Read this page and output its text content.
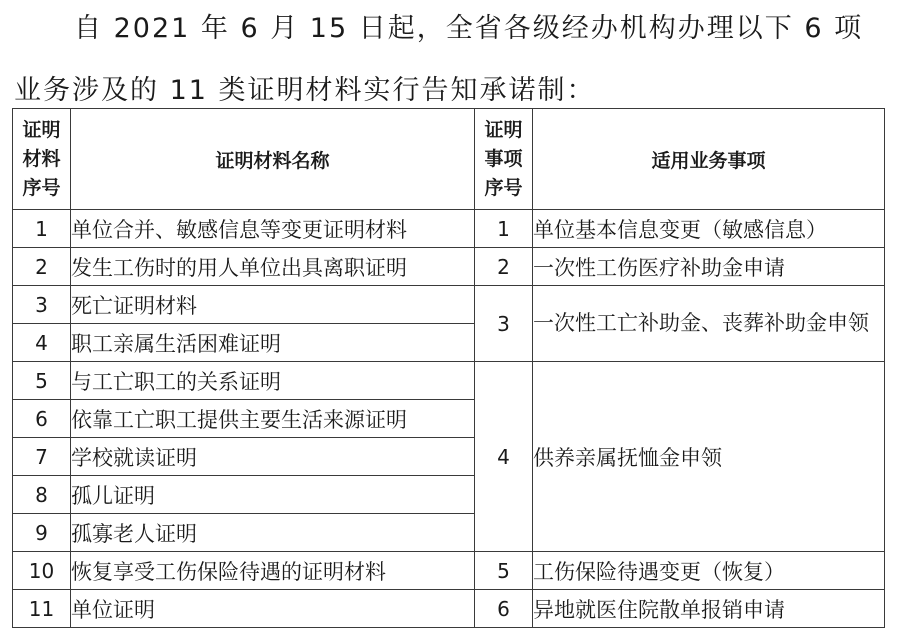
自 2021 年 6 月 15 日起，全省各级经办机构办理以下 6 项
业务涉及的 11 类证明材料实行告知承诺制：
证明
材料
序号	证明材料名称	证明
事项
序号	适用业务事项
1	单位合并、敏感信息等变更证明材料	1	单位基本信息变更（敏感信息）
2	发生工伤时的用人单位出具离职证明	2	一次性工伤医疗补助金申请
3	死亡证明材料	3	一次性工亡补助金、丧葬补助金申领
4	职工亲属生活困难证明		
5	与工亡职工的关系证明	4	供养亲属抚恤金申领
6	依靠工亡职工提供主要生活来源证明		
7	学校就读证明		
8	孤儿证明		
9	孤寡老人证明		
10	恢复享受工伤保险待遇的证明材料	5	工伤保险待遇变更（恢复）
11	单位证明	6	异地就医住院散单报销申请
